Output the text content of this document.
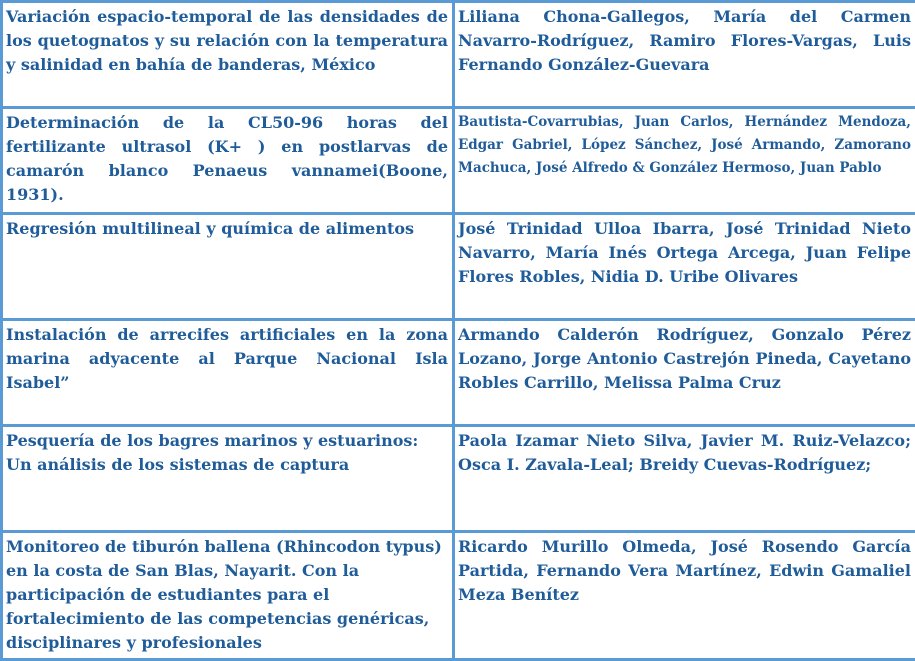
Variación espacio-temporal de las densidades de los quetognatos y su relación con la temperatura y salinidad en bahía de banderas, México	Liliana Chona-Gallegos, María del Carmen Navarro-Rodríguez, Ramiro Flores-Vargas, Luis Fernando González-Guevara
Determinación de la CL50-96 horas del fertilizante ultrasol (K+ ) en postlarvas de camarón blanco Penaeus vannamei(Boone, 1931).	Bautista-Covarrubias, Juan Carlos, Hernández Mendoza, Edgar Gabriel, López Sánchez, José Armando, Zamorano Machuca, José Alfredo & González Hermoso, Juan Pablo
Regresión multilineal y química de alimentos	José Trinidad Ulloa Ibarra, José Trinidad Nieto Navarro, María Inés Ortega Arcega, Juan Felipe Flores Robles, Nidia D. Uribe Olivares
Instalación de arrecifes artificiales en la zona marina adyacente al Parque Nacional Isla Isabel”	Armando Calderón Rodríguez, Gonzalo Pérez Lozano, Jorge Antonio Castrejón Pineda, Cayetano Robles Carrillo, Melissa Palma Cruz

Pesquería de los bagres marinos y estuarinos:
Un análisis de los sistemas de captura	Paola Izamar Nieto Silva, Javier M. Ruiz-Velazco; Osca I. Zavala-Leal; Breidy Cuevas-Rodríguez;

Monitoreo de tiburón ballena (Rhincodon typus)
en la costa de San Blas, Nayarit. Con la
participación de estudiantes para el
fortalecimiento de las competencias genéricas,
disciplinares y profesionales	Ricardo Murillo Olmeda, José Rosendo García Partida, Fernando Vera Martínez, Edwin Gamaliel Meza Benítez
